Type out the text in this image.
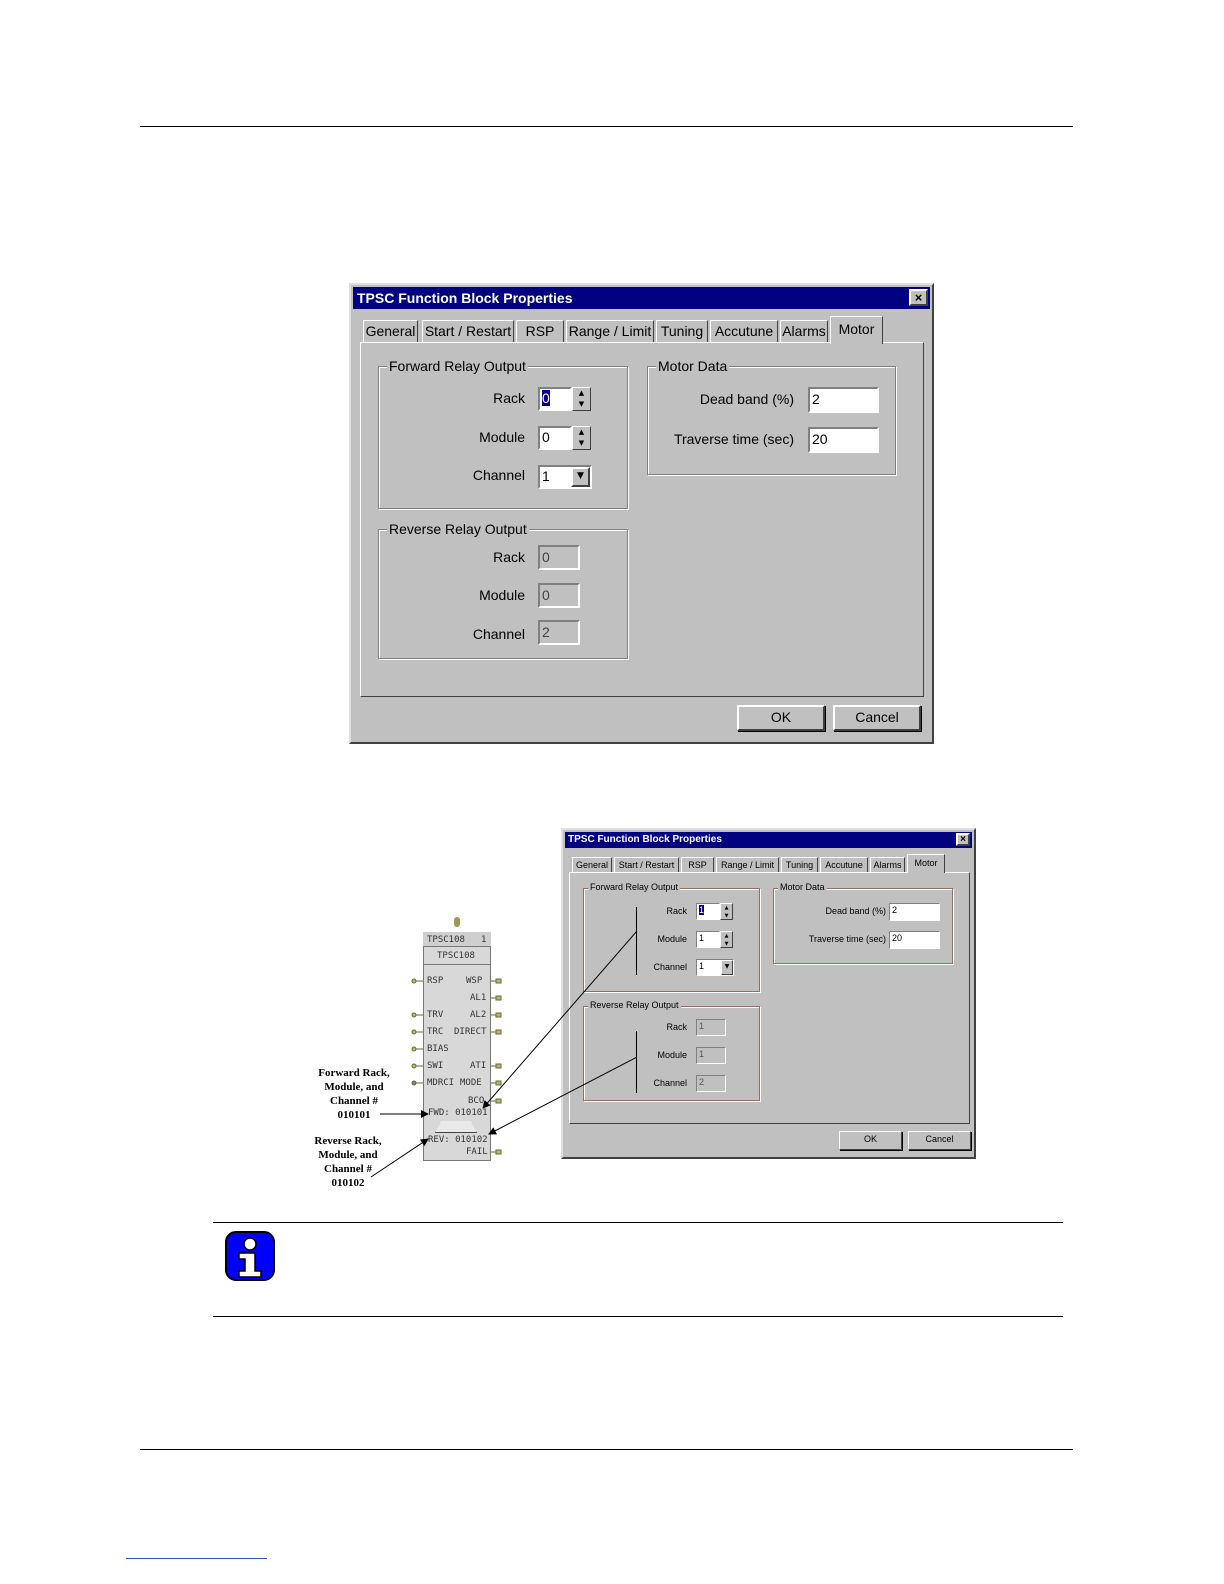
TPSC Function Block Properties	×
General Start / Restart	RSP	Range / Limit Tuning Accutune Alarms Motor
Forward Relay Output
Rack 0	▲
▼
Module 0	▲
▼
Channel 1	▼
Reverse Relay Output
Rack 0
Module 0
Channel 2
Motor Data
Dead band (%) 2
Traverse time (sec) 20
OK	Cancel
TPSC108 1
TPSC108
RSP
TRV
TRC
BIAS
SWI
MDRCI
WSP
AL1
AL2
DIRECT
ATI
MODE
BCO
FWD: 010101
REV: 010102
FAIL
Forward Rack,
Module, and
Channel #
010101
Reverse Rack,
Module, and
Channel #
010102
TPSC Function Block Properties	×
General	Start / Restart	RSP	Range / Limit	Tuning	Accutune	Alarms	Motor
Forward Relay Output
Rack	1	▲
▼
Module	1	▲
▼
Channel	1	▼
Reverse Relay Output
Rack	1
Module	1
Channel	2
Motor Data
Dead band (%) 2
Traverse time (sec) 20
OK	Cancel
